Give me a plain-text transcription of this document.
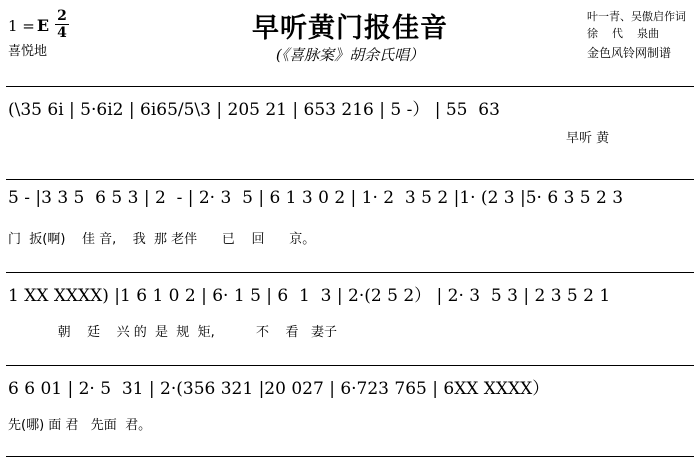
1 = E $\frac{2}{4}$
喜悦地
早听黄门报佳音
(《喜脉案》胡余氏唱）
叶一青、吴傲启作词
徐    代    泉曲
金色风铃网制谱
(\35 6i | 5·6i2 | 6i65/5\3 | 205 21 | 653 216 | 5 -） | 55  63
早听 黄
5 - |3 3 5  6 5 3 | 2  - | 2· 3  5 | 6 1 3 0 2 | 1· 2  3 5 2 |1· (2 3 |5· 6 3 5 2 3
门  扳(啊)    佳 音,    我  那 老伴      已    回      京。
1 XX XXXX) |1 6 1 0 2 | 6· 1 5 | 6  1  3 | 2·(2 5 2） | 2· 3  5 3 | 2 3 5 2 1
朝    廷    兴 的  是  规  矩,          不    看   妻子
6 6 01 | 2· 5  31 | 2·(356 321 |20 027 | 6·723 765 | 6XX XXXX）
先(哪) 面 君   先面  君。
